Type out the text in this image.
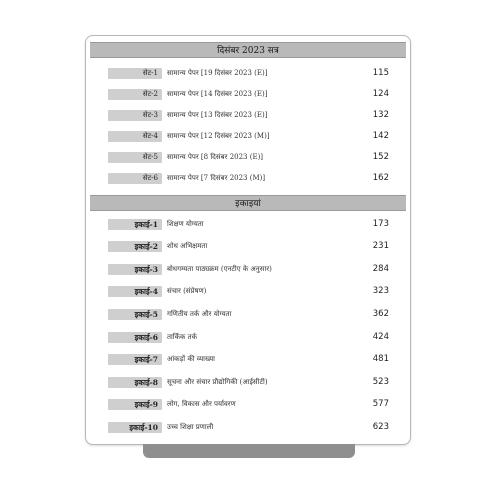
दिसंबर 2023 सत्र
सेट-1	सामान्य पेपर [19 दिसंबर 2023 (E)]	115
सेट-2	सामान्य पेपर [14 दिसंबर 2023 (E)]	124
सेट-3	सामान्य पेपर [13 दिसंबर 2023 (E)]	132
सेट-4	सामान्य पेपर [12 दिसंबर 2023 (M)]	142
सेट-5	सामान्य पेपर [8 दिसंबर 2023 (E)]	152
सेट-6	सामान्य पेपर [7 दिसंबर 2023 (M)]	162
इकाइयां
इकाई-1	शिक्षण योग्यता	173
इकाई-2	शोध अभिक्षमता	231
इकाई-3	बोधगम्यता पाठ्यक्रम (एनटीए के अनुसार)	284
इकाई-4	संचार (संप्रेषण)	323
इकाई-5	गणितीय तर्क और योग्यता	362
इकाई-6	तार्किक तर्क	424
इकाई-7	आंकड़ों की व्याख्या	481
इकाई-8	सूचना और संचार प्रौद्योगिकी (आईसीटी)	523
इकाई-9	लोग, विकास और पर्यावरण	577
इकाई-10	उच्च शिक्षा प्रणाली	623
